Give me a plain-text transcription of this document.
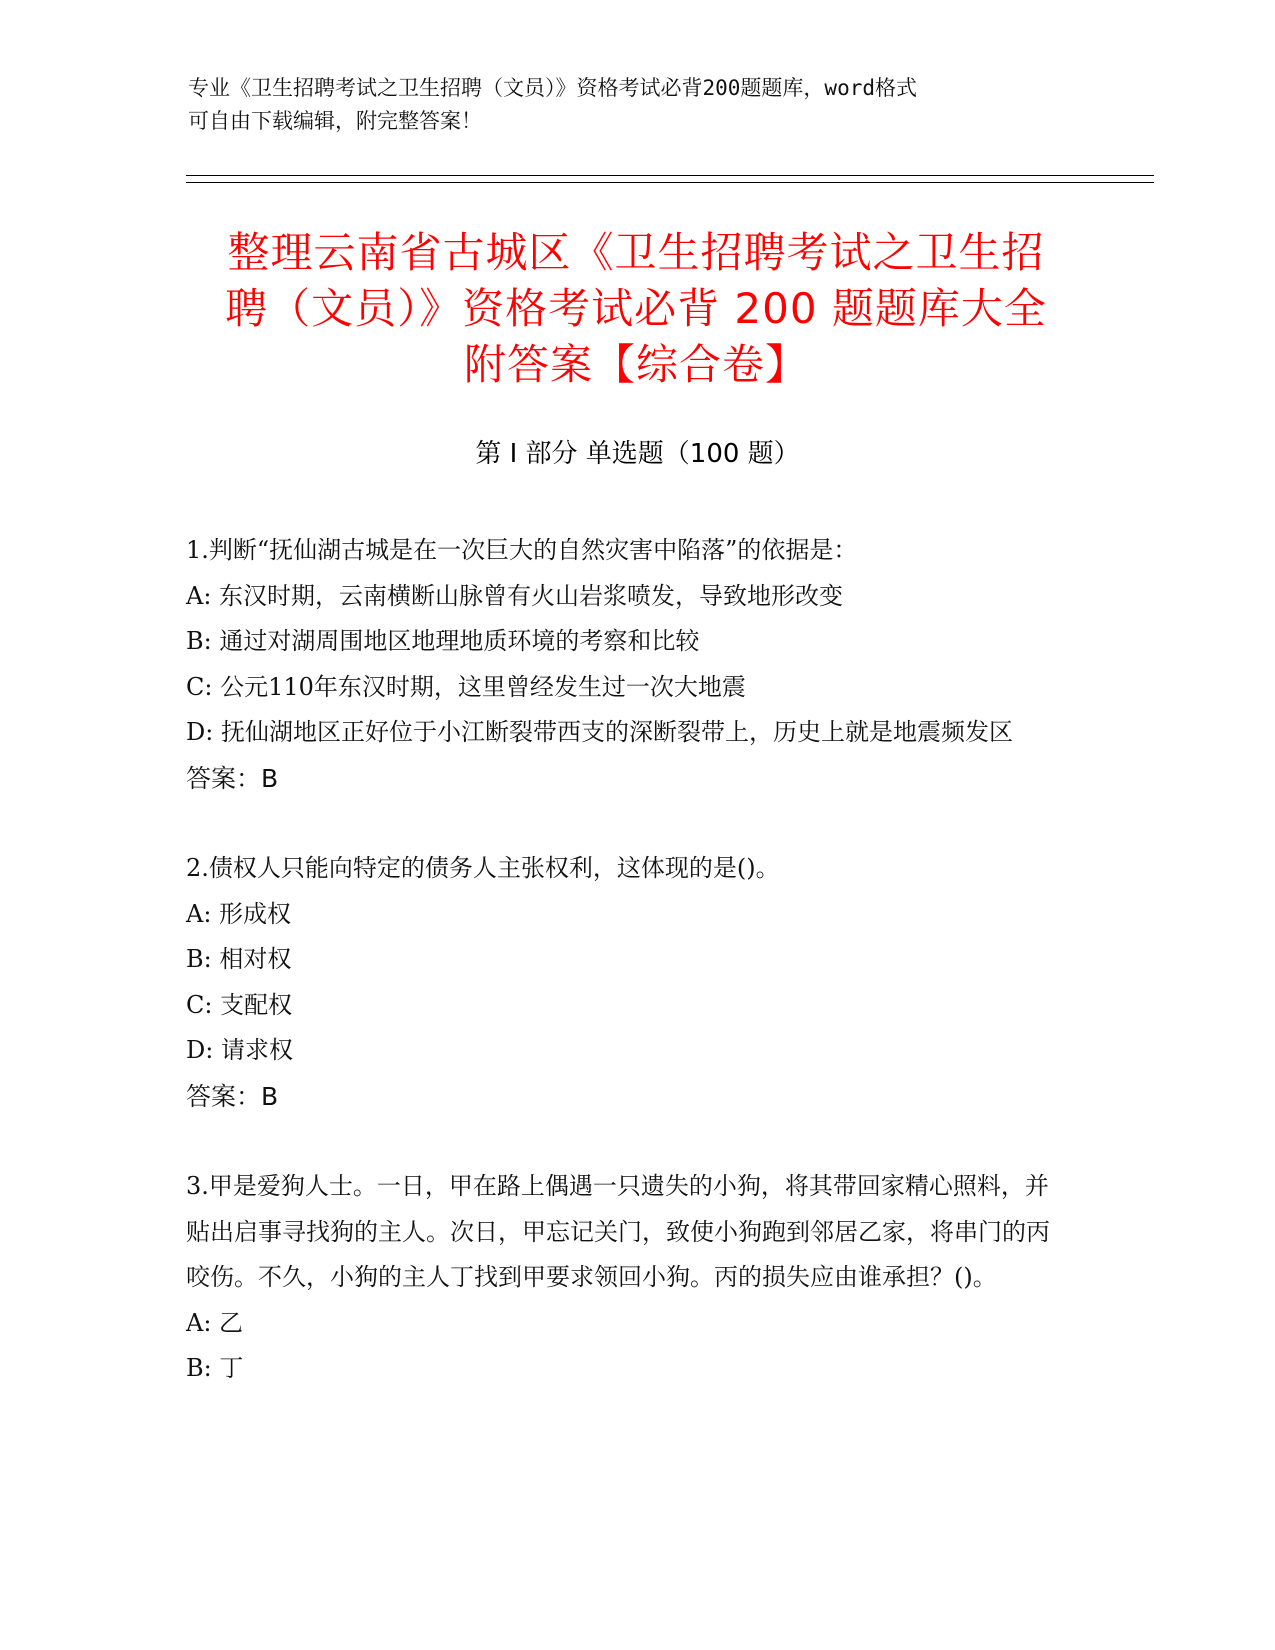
专业《卫生招聘考试之卫生招聘（文员）》资格考试必背200题题库，word格式
可自由下载编辑，附完整答案！
整理云南省古城区《卫生招聘考试之卫生招
聘（文员）》资格考试必背 200 题题库大全
附答案【综合卷】
第 I 部分 单选题（100 题）
1.判断“抚仙湖古城是在一次巨大的自然灾害中陷落”的依据是：
A: 东汉时期，云南横断山脉曾有火山岩浆喷发，导致地形改变
B: 通过对湖周围地区地理地质环境的考察和比较
C: 公元110年东汉时期，这里曾经发生过一次大地震
D: 抚仙湖地区正好位于小江断裂带西支的深断裂带上，历史上就是地震频发区
答案：B
2.债权人只能向特定的债务人主张权利，这体现的是()。
A: 形成权
B: 相对权
C: 支配权
D: 请求权
答案：B
3.甲是爱狗人士。一日，甲在路上偶遇一只遗失的小狗，将其带回家精心照料，并贴出启事寻找狗的主人。次日，甲忘记关门，致使小狗跑到邻居乙家，将串门的丙咬伤。不久，小狗的主人丁找到甲要求领回小狗。丙的损失应由谁承担？()。
A: 乙
B: 丁
